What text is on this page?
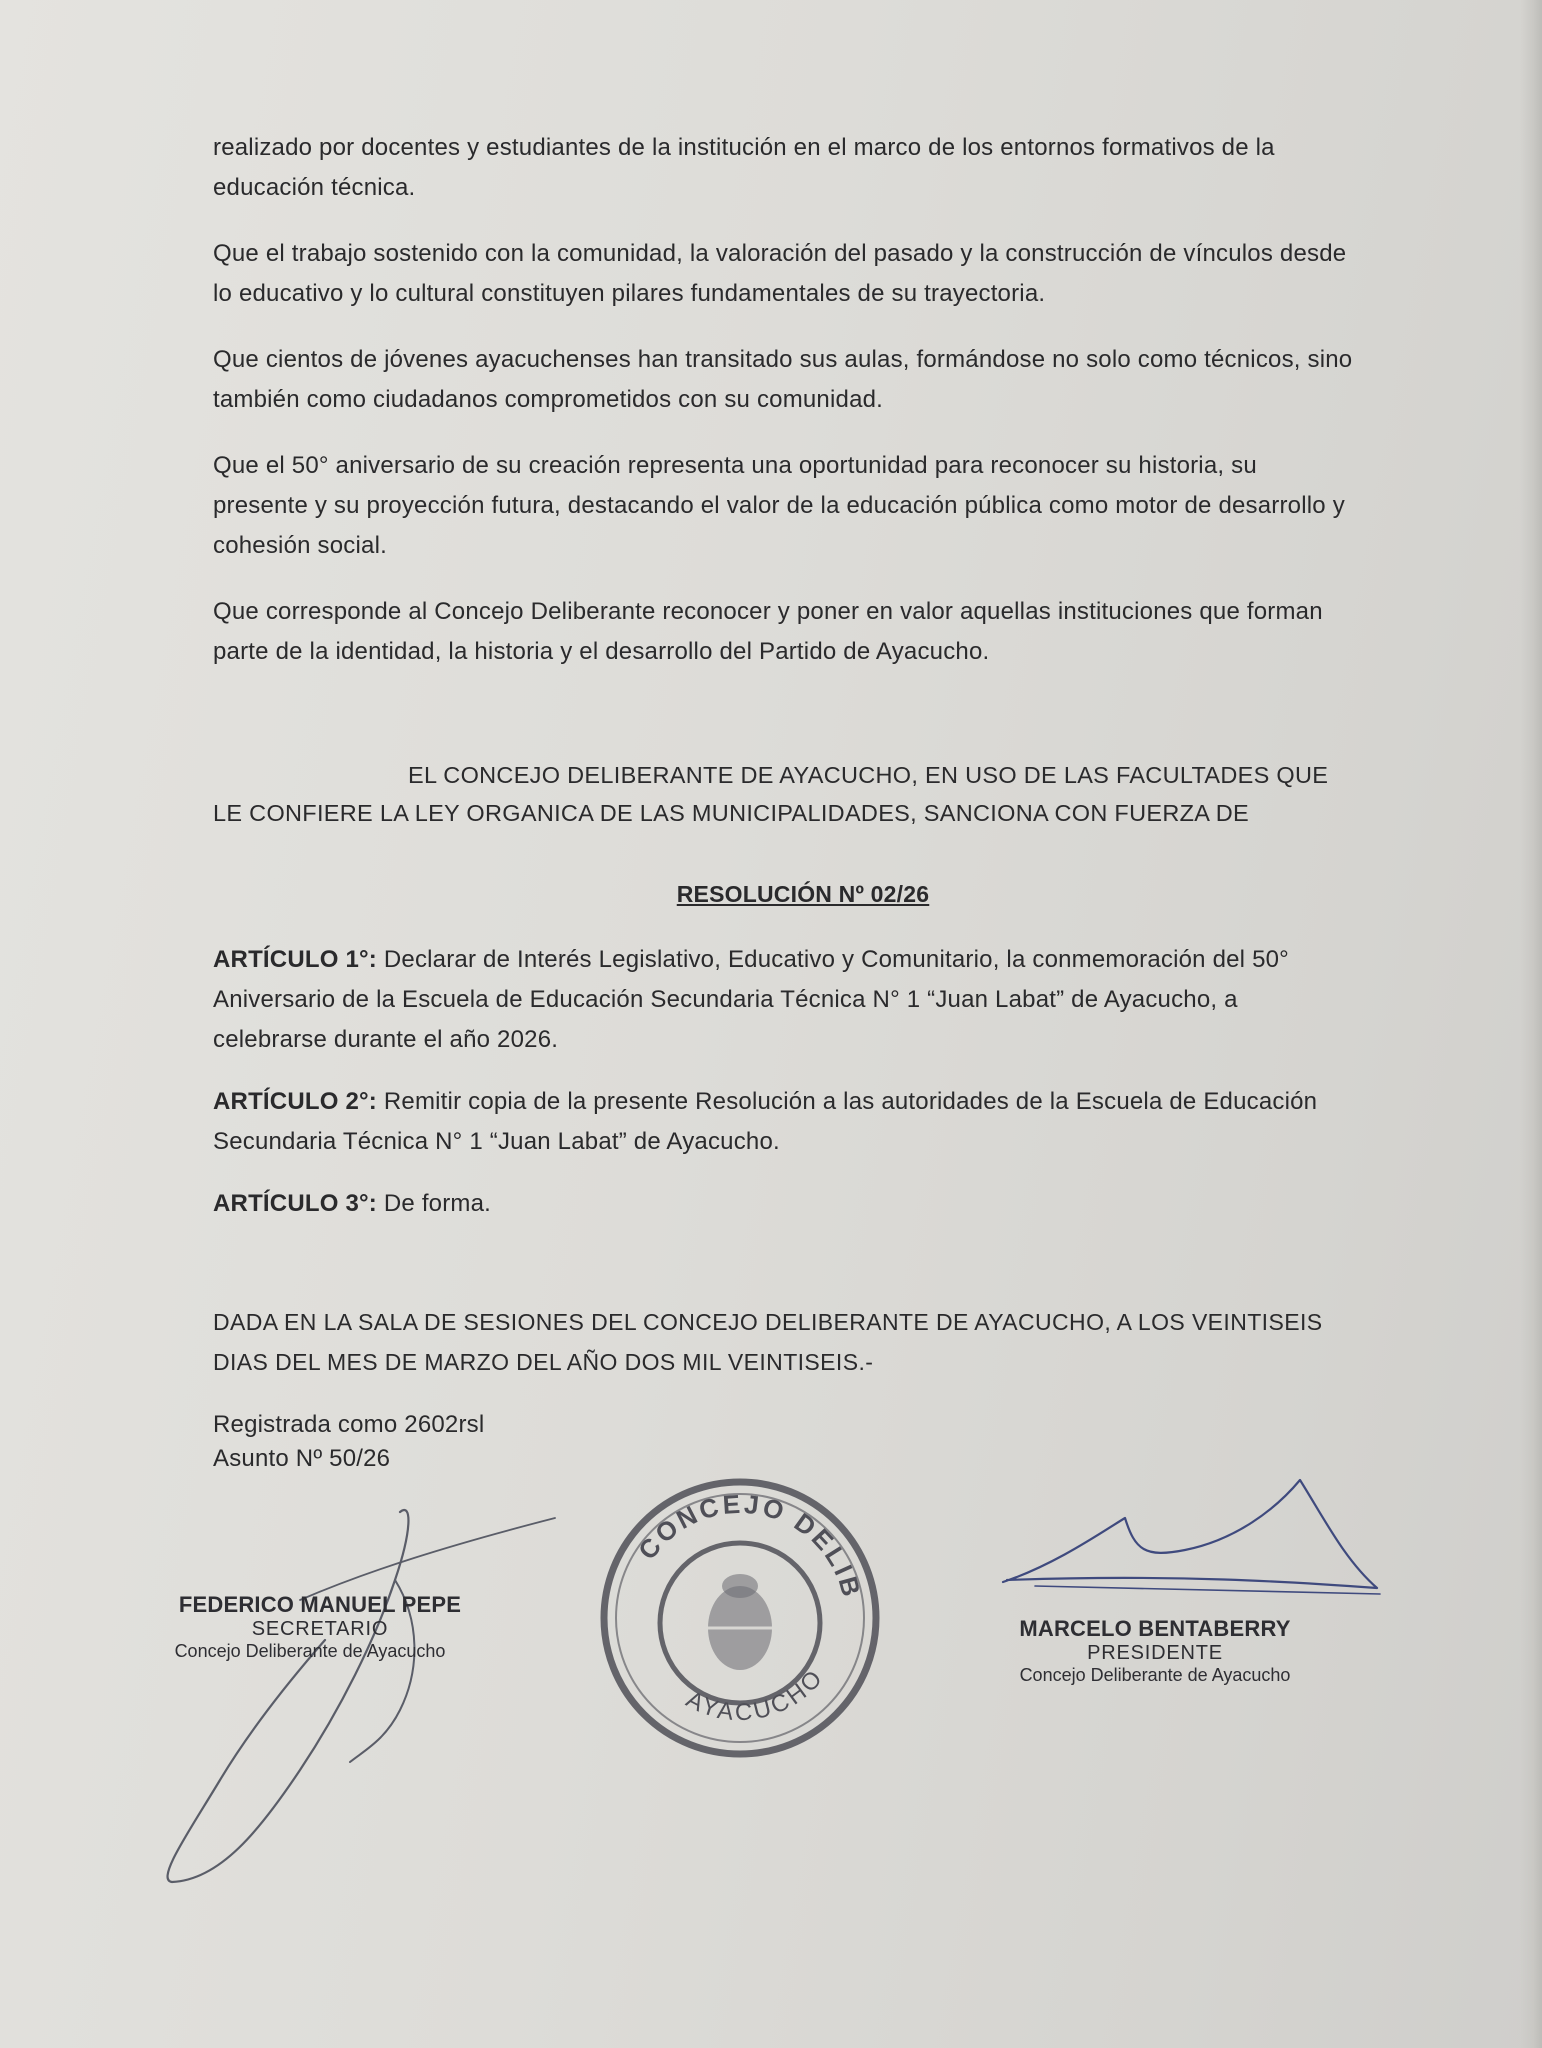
realizado por docentes y estudiantes de la institución en el marco de los entornos formativos de la educación técnica.

Que el trabajo sostenido con la comunidad, la valoración del pasado y la construcción de vínculos desde lo educativo y lo cultural constituyen pilares fundamentales de su trayectoria.

Que cientos de jóvenes ayacuchenses han transitado sus aulas, formándose no solo como técnicos, sino también como ciudadanos comprometidos con su comunidad.

Que el 50° aniversario de su creación representa una oportunidad para reconocer su historia, su presente y su proyección futura, destacando el valor de la educación pública como motor de desarrollo y cohesión social.

Que corresponde al Concejo Deliberante reconocer y poner en valor aquellas instituciones que forman parte de la identidad, la historia y el desarrollo del Partido de Ayacucho.

EL CONCEJO DELIBERANTE DE AYACUCHO, EN USO DE LAS FACULTADES QUE LE CONFIERE LA LEY ORGANICA DE LAS MUNICIPALIDADES, SANCIONA CON FUERZA DE

RESOLUCIÓN Nº 02/26

ARTÍCULO 1°: Declarar de Interés Legislativo, Educativo y Comunitario, la conmemoración del 50° Aniversario de la Escuela de Educación Secundaria Técnica N° 1 “Juan Labat” de Ayacucho, a celebrarse durante el año 2026.

ARTÍCULO 2°: Remitir copia de la presente Resolución a las autoridades de la Escuela de Educación Secundaria Técnica N° 1 “Juan Labat” de Ayacucho.

ARTÍCULO 3°: De forma.

DADA EN LA SALA DE SESIONES DEL CONCEJO DELIBERANTE DE AYACUCHO, A LOS VEINTISEIS DIAS DEL MES DE MARZO DEL AÑO DOS MIL VEINTISEIS.-

Registrada como 2602rsl

Asunto Nº 50/26

FEDERICO MANUEL PEPE
SECRETARIO
Concejo Deliberante de Ayacucho
CONCEJO DELIB
AYACUCHO
MARCELO BENTABERRY
PRESIDENTE
Concejo Deliberante de Ayacucho
